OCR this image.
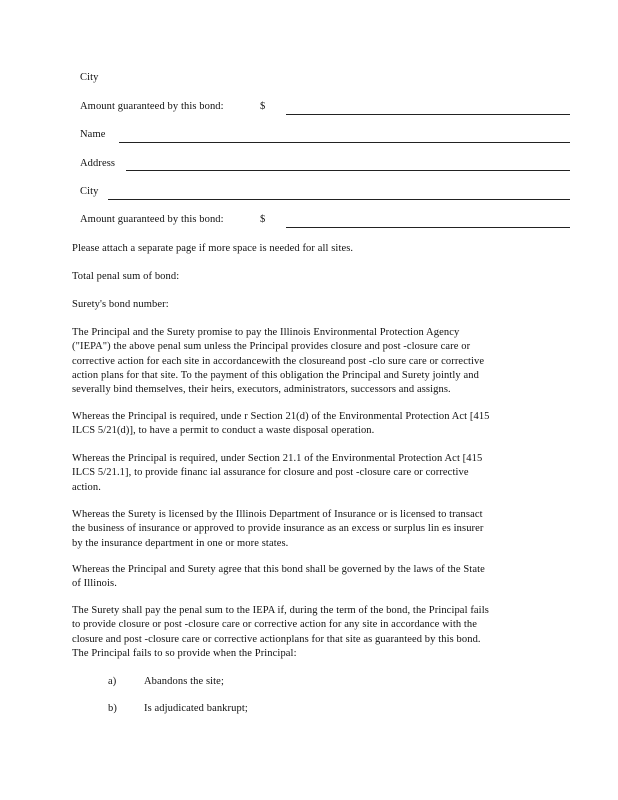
City
Amount guaranteed by this bond:	$
Name
Address
City
Amount guaranteed by this bond:	$
Please attach a separate page if more space is needed for all sites.
Total penal sum of bond:
Surety's bond number:
The Principal and the Surety promise to pay the Illinois Environmental Protection Agency
("IEPA") the above penal sum unless the Principal provides closure and post -closure care or
corrective action for each site in accordancewith the closureand post -clo sure care or corrective
action plans for that site. To the payment of this obligation the Principal and Surety jointly and
severally bind themselves, their heirs, executors, administrators, successors and assigns.
Whereas the Principal is required, unde r Section 21(d) of the Environmental Protection Act [415
ILCS 5/21(d)], to have a permit to conduct a waste disposal operation.
Whereas the Principal is required, under Section 21.1 of the Environmental Protection Act [415
ILCS 5/21.1], to provide financ ial assurance for closure and post -closure care or corrective
action.
Whereas the Surety is licensed by the Illinois Department of Insurance or is licensed to transact
the business of insurance or approved to provide insurance as an excess or surplus lin es insurer
by the insurance department in one or more states.
Whereas the Principal and Surety agree that this bond shall be governed by the laws of the State
of Illinois.
The Surety shall pay the penal sum to the IEPA if, during the term of the bond, the Principal fails
to provide closure or post -closure care or corrective action for any site in accordance with the
closure and post -closure care or corrective actionplans for that site as guaranteed by this bond.
The Principal fails to so provide when the Principal:
a)	Abandons the site;
b)	Is adjudicated bankrupt;
